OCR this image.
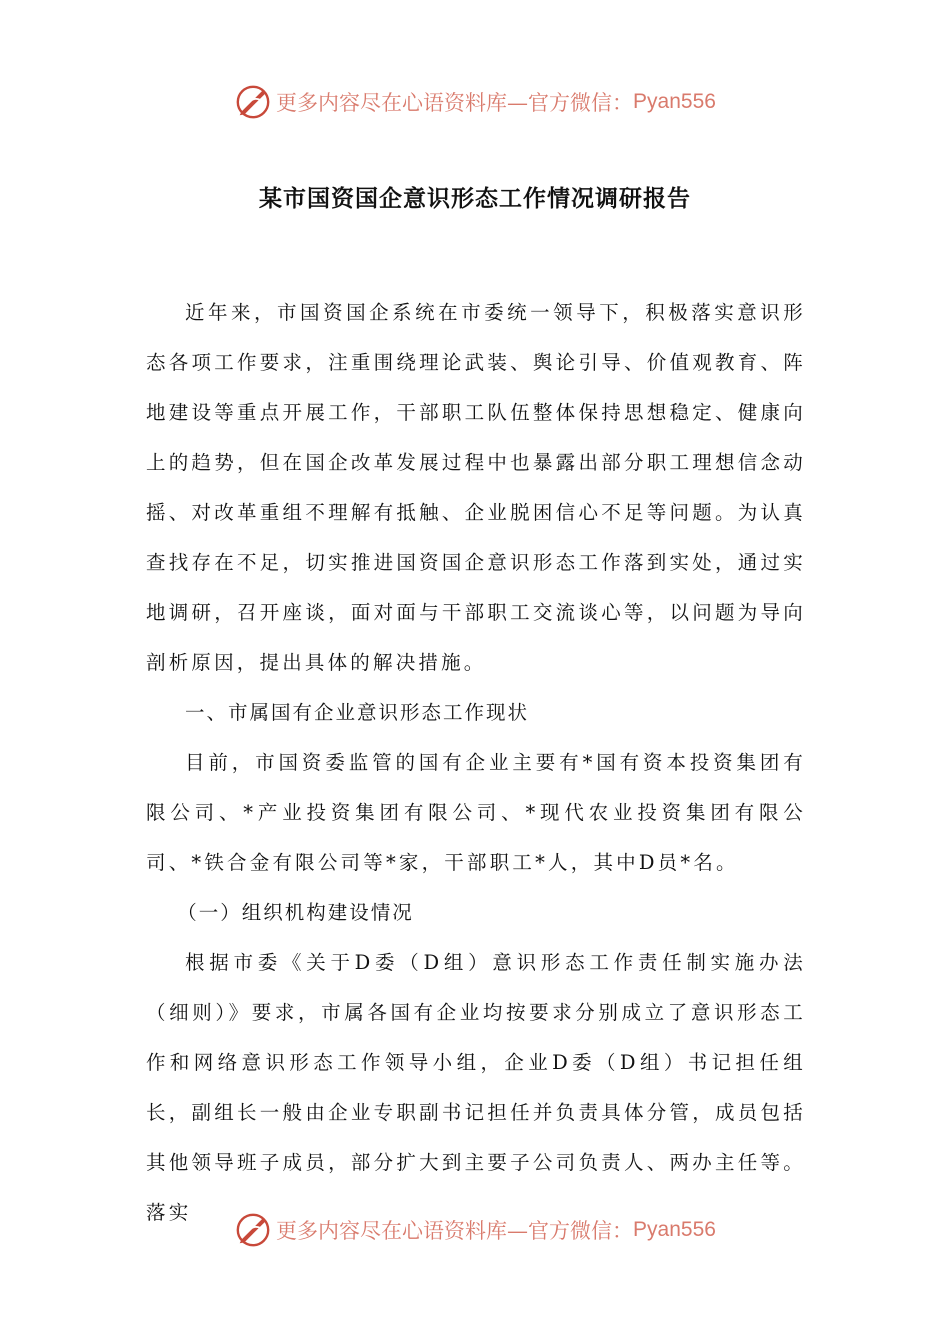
更多内容尽在心语资料库—官方微信： Pyan556
某市国资国企意识形态工作情况调研报告

近年来，市国资国企系统在市委统一领导下，积极落实意识形态各项工作要求，注重围绕理论武装、舆论引导、价值观教育、阵地建设等重点开展工作，干部职工队伍整体保持思想稳定、健康向上的趋势，但在国企改革发展过程中也暴露出部分职工理想信念动摇、对改革重组不理解有抵触、企业脱困信心不足等问题。为认真查找存在不足，切实推进国资国企意识形态工作落到实处，通过实地调研，召开座谈，面对面与干部职工交流谈心等，以问题为导向剖析原因，提出具体的解决措施。

一、市属国有企业意识形态工作现状

目前，市国资委监管的国有企业主要有*国有资本投资集团有限公司、*产业投资集团有限公司、*现代农业投资集团有限公司、*铁合金有限公司等*家，干部职工*人，其中D员*名。

（一）组织机构建设情况

根据市委《关于D委（D组）意识形态工作责任制实施办法（细则）》要求，市属各国有企业均按要求分别成立了意识形态工作和网络意识形态工作领导小组，企业D委（D组）书记担任组长，副组长一般由企业专职副书记担任并负责具体分管，成员包括其他领导班子成员，部分扩大到主要子公司负责人、两办主任等。落实

更多内容尽在心语资料库—官方微信： Pyan556
